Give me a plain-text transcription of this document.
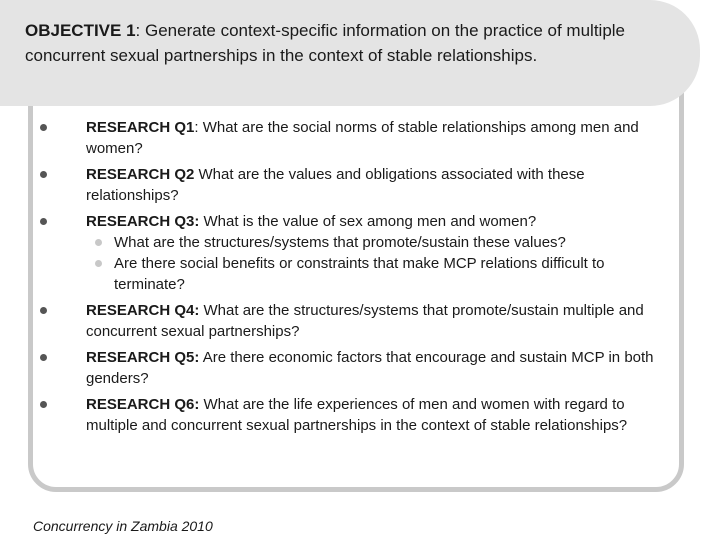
OBJECTIVE 1: Generate context-specific information on the practice of multiple concurrent sexual partnerships in the context of stable relationships.
RESEARCH Q1: What are the social norms of stable relationships among men and women?
RESEARCH Q2 What are the values and obligations associated with these relationships?
RESEARCH Q3: What is the value of sex among men and women?
What are the structures/systems that promote/sustain these values?
Are there social benefits or constraints that make MCP relations difficult to terminate?
RESEARCH Q4: What are the structures/systems that promote/sustain multiple and concurrent sexual partnerships?
RESEARCH Q5: Are there economic factors that encourage and sustain MCP in both genders?
RESEARCH Q6: What are the life experiences of men and women with regard to multiple and concurrent sexual partnerships in the context of stable relationships?
Concurrency in Zambia 2010
